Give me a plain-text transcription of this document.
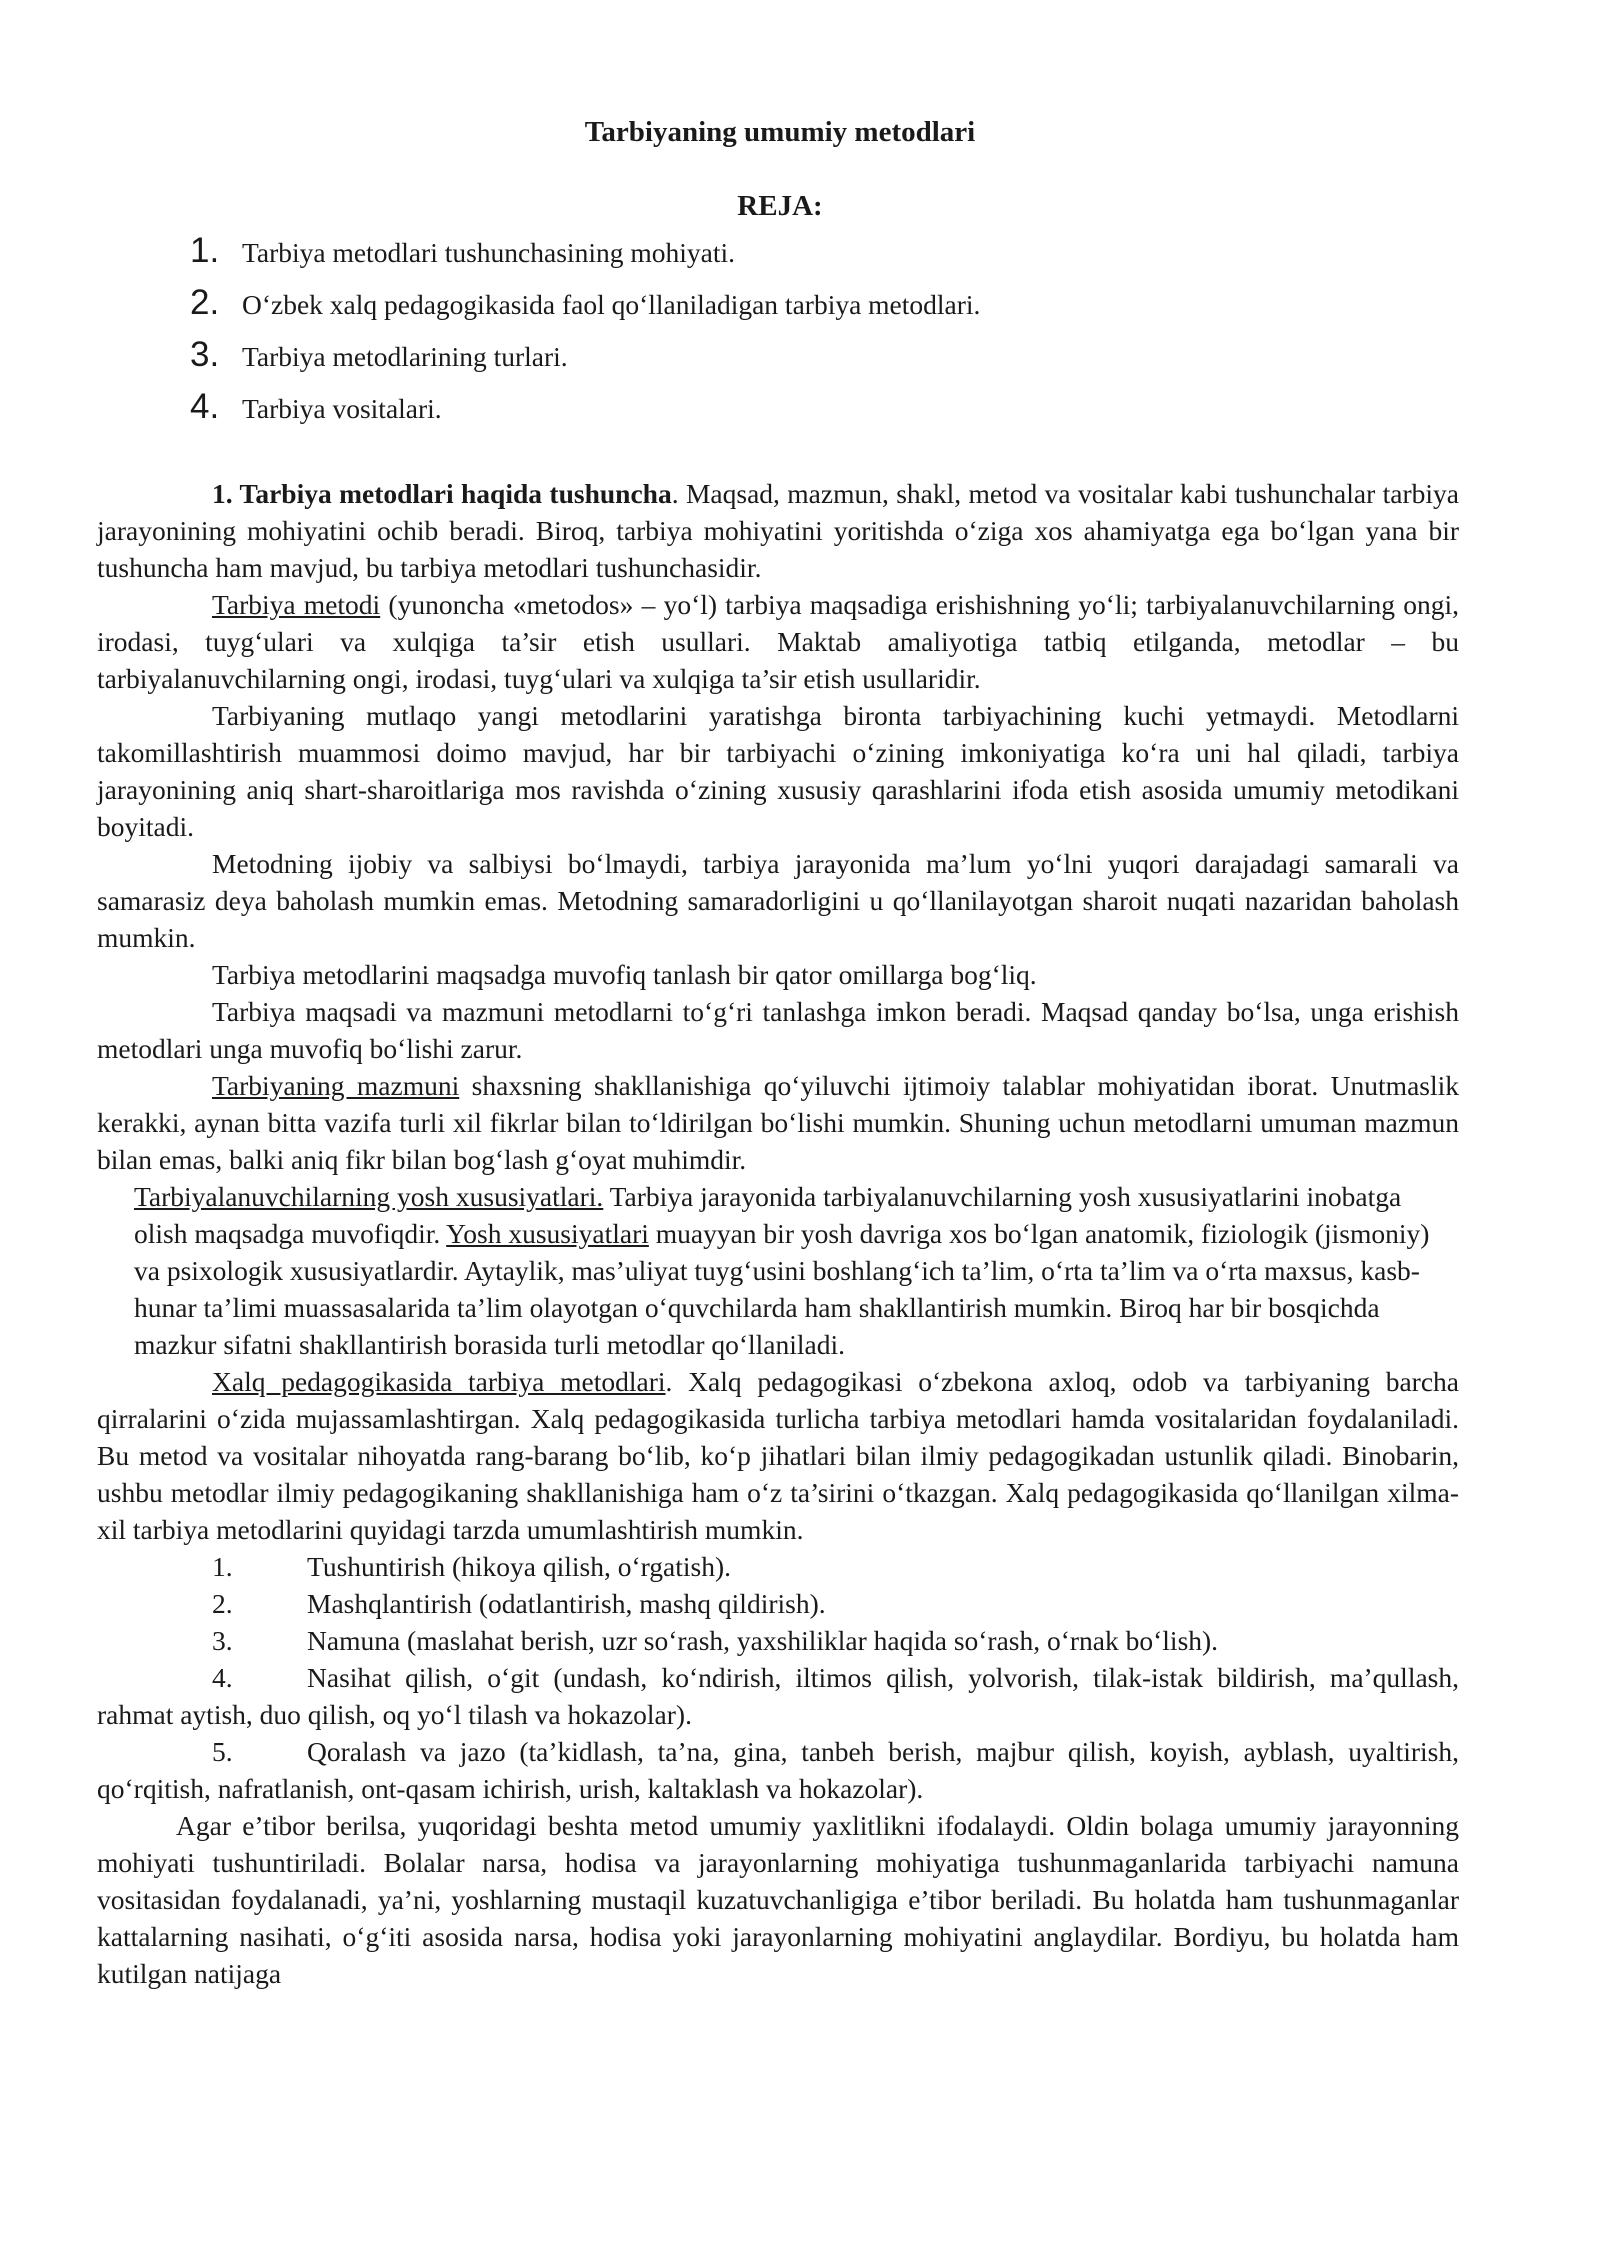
Tarbiyaning umumiy metodlari
REJA:
1. Tarbiya metodlari tushunchasining mohiyati.
2. O‘zbek xalq pedagogikasida faol qo‘llaniladigan tarbiya metodlari.
3. Tarbiya metodlarining turlari.
4. Tarbiya vositalari.

1. Tarbiya metodlari haqida tushuncha. Maqsad, mazmun, shakl, metod va vositalar kabi tushunchalar tarbiya jarayonining mohiyatini ochib beradi. Biroq, tarbiya mohiyatini yoritishda o‘ziga xos ahamiyatga ega bo‘lgan yana bir tushuncha ham mavjud, bu tarbiya metodlari tushunchasidir.

Tarbiya metodi (yunoncha «metodos» – yo‘l) tarbiya maqsadiga erishishning yo‘li; tarbiyalanuvchilarning ongi, irodasi, tuyg‘ulari va xulqiga ta’sir etish usullari. Maktab amaliyotiga tatbiq etilganda, metodlar – bu tarbiyalanuvchilarning ongi, irodasi, tuyg‘ulari va xulqiga ta’sir etish usullaridir.

Tarbiyaning mutlaqo yangi metodlarini yaratishga bironta tarbiyachining kuchi yetmaydi. Metodlarni takomillashtirish muammosi doimo mavjud, har bir tarbiyachi o‘zining imkoniyatiga ko‘ra uni hal qiladi, tarbiya jarayonining aniq shart-sharoitlariga mos ravishda o‘zining xususiy qarashlarini ifoda etish asosida umumiy metodikani boyitadi.

Metodning ijobiy va salbiysi bo‘lmaydi, tarbiya jarayonida ma’lum yo‘lni yuqori darajadagi samarali va samarasiz deya baholash mumkin emas. Metodning samaradorligini u qo‘llanilayotgan sharoit nuqati nazaridan baholash mumkin.

Tarbiya metodlarini maqsadga muvofiq tanlash bir qator omillarga bog‘liq.

Tarbiya maqsadi va mazmuni metodlarni to‘g‘ri tanlashga imkon beradi. Maqsad qanday bo‘lsa, unga erishish metodlari unga muvofiq bo‘lishi zarur.

Tarbiyaning mazmuni shaxsning shakllanishiga qo‘yiluvchi ijtimoiy talablar mohiyatidan iborat. Unutmaslik kerakki, aynan bitta vazifa turli xil fikrlar bilan to‘ldirilgan bo‘lishi mumkin. Shuning uchun metodlarni umuman mazmun bilan emas, balki aniq fikr bilan bog‘lash g‘oyat muhimdir.

Tarbiyalanuvchilarning yosh xususiyatlari. Tarbiya jarayonida tarbiyalanuvchilarning yosh xususiyatlarini inobatga olish maqsadga muvofiqdir. Yosh xususiyatlari muayyan bir yosh davriga xos bo‘lgan anatomik, fiziologik (jismoniy) va psixologik xususiyatlardir. Aytaylik, mas’uliyat tuyg‘usini boshlang‘ich ta’lim, o‘rta ta’lim va o‘rta maxsus, kasb-hunar ta’limi muassasalarida ta’lim olayotgan o‘quvchilarda ham shakllantirish mumkin. Biroq har bir bosqichda mazkur sifatni shakllantirish borasida turli metodlar qo‘llaniladi.

Xalq pedagogikasida tarbiya metodlari. Xalq pedagogikasi o‘zbekona axloq, odob va tarbiyaning barcha qirralarini o‘zida mujassamlashtirgan. Xalq pedagogikasida turlicha tarbiya metodlari hamda vositalaridan foydalaniladi. Bu metod va vositalar nihoyatda rang-barang bo‘lib, ko‘p jihatlari bilan ilmiy pedagogikadan ustunlik qiladi. Binobarin, ushbu metodlar ilmiy pedagogikaning shakllanishiga ham o‘z ta’sirini o‘tkazgan. Xalq pedagogikasida qo‘llanilgan xilma-xil tarbiya metodlarini quyidagi tarzda umumlashtirish mumkin.

1.	Tushuntirish (hikoya qilish, o‘rgatish).

2.	Mashqlantirish (odatlantirish, mashq qildirish).

3.	Namuna (maslahat berish, uzr so‘rash, yaxshiliklar haqida so‘rash, o‘rnak bo‘lish).

4.	Nasihat qilish, o‘git (undash, ko‘ndirish, iltimos qilish, yolvorish, tilak-istak bildirish, ma’qullash, rahmat aytish, duo qilish, oq yo‘l tilash va hokazolar).

5.	Qoralash va jazo (ta’kidlash, ta’na, gina, tanbeh berish, majbur qilish, koyish, ayblash, uyaltirish, qo‘rqitish, nafratlanish, ont-qasam ichirish, urish, kaltaklash va hokazolar).

Agar e’tibor berilsa, yuqoridagi beshta metod umumiy yaxlitlikni ifodalaydi. Oldin bolaga umumiy jarayonning mohiyati tushuntiriladi. Bolalar narsa, hodisa va jarayonlarning mohiyatiga tushunmaganlarida tarbiyachi namuna vositasidan foydalanadi, ya’ni, yoshlarning mustaqil kuzatuvchanligiga e’tibor beriladi. Bu holatda ham tushunmaganlar kattalarning nasihati, o‘g‘iti asosida narsa, hodisa yoki jarayonlarning mohiyatini anglaydilar. Bordiyu, bu holatda ham kutilgan natijaga
